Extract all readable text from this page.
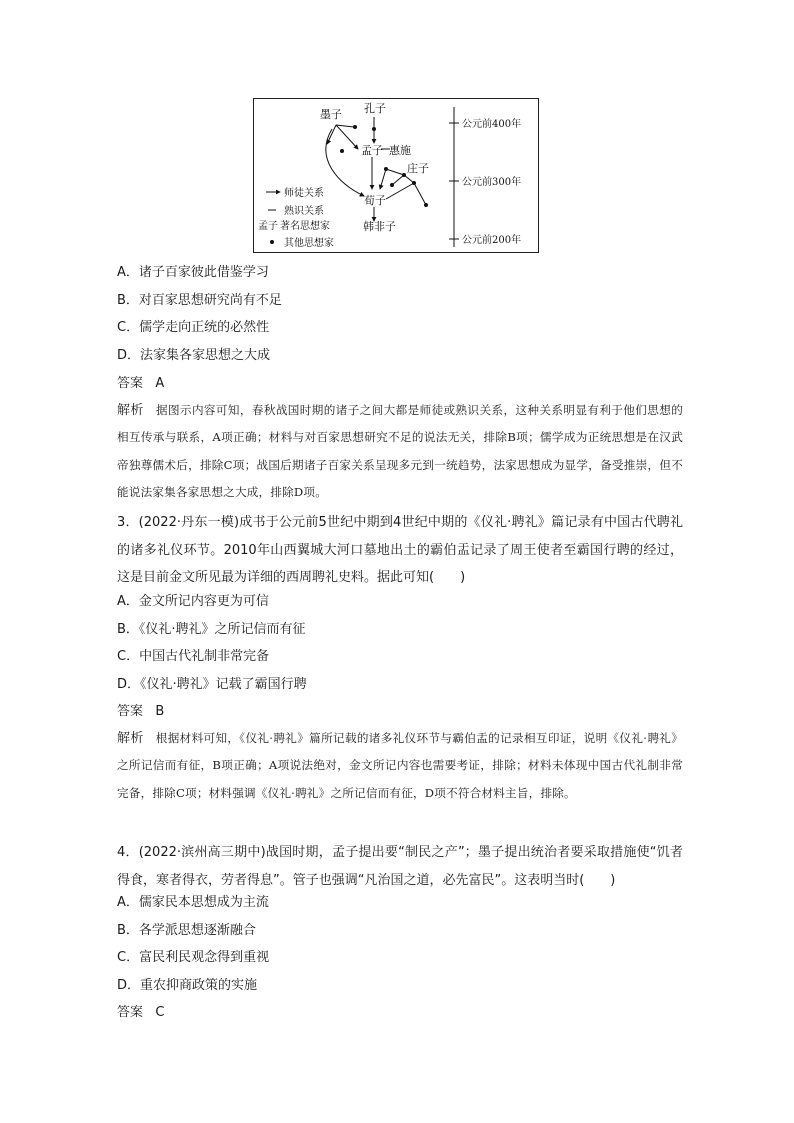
墨子 孔子
孟子 惠施
庄子
荀子
韩非子
师徒关系
熟识关系
孟子 著名思想家
其他思想家
公元前400年
公元前300年
公元前200年
A．诸子百家彼此借鉴学习
B．对百家思想研究尚有不足
C．儒学走向正统的必然性
D．法家集各家思想之大成
答案 A
解析 据图示内容可知，春秋战国时期的诸子之间大都是师徒或熟识关系，这种关系明显有利于他们思想的相互传承与联系，A项正确；材料与对百家思想研究不足的说法无关，排除B项；儒学成为正统思想是在汉武帝独尊儒术后，排除C项；战国后期诸子百家关系呈现多元到一统趋势，法家思想成为显学，备受推崇，但不能说法家集各家思想之大成，排除D项。
3．(2022·丹东一模)成书于公元前5世纪中期到4世纪中期的《仪礼·聘礼》篇记录有中国古代聘礼的诸多礼仪环节。2010年山西翼城大河口墓地出土的霸伯盂记录了周王使者至霸国行聘的经过，这是目前金文所见最为详细的西周聘礼史料。据此可知(　　)
A．金文所记内容更为可信
B．《仪礼·聘礼》之所记信而有征
C．中国古代礼制非常完备
D．《仪礼·聘礼》记载了霸国行聘
答案 B
解析 根据材料可知，《仪礼·聘礼》篇所记载的诸多礼仪环节与霸伯盂的记录相互印证，说明《仪礼·聘礼》之所记信而有征，B项正确；A项说法绝对，金文所记内容也需要考证，排除；材料未体现中国古代礼制非常完备，排除C项；材料强调《仪礼·聘礼》之所记信而有征，D项不符合材料主旨，排除。
4．(2022·滨州高三期中)战国时期，孟子提出要“制民之产”；墨子提出统治者要采取措施使“饥者得食，寒者得衣，劳者得息”。管子也强调“凡治国之道，必先富民”。这表明当时(　　)
A．儒家民本思想成为主流
B．各学派思想逐渐融合
C．富民利民观念得到重视
D．重农抑商政策的实施
答案 C
